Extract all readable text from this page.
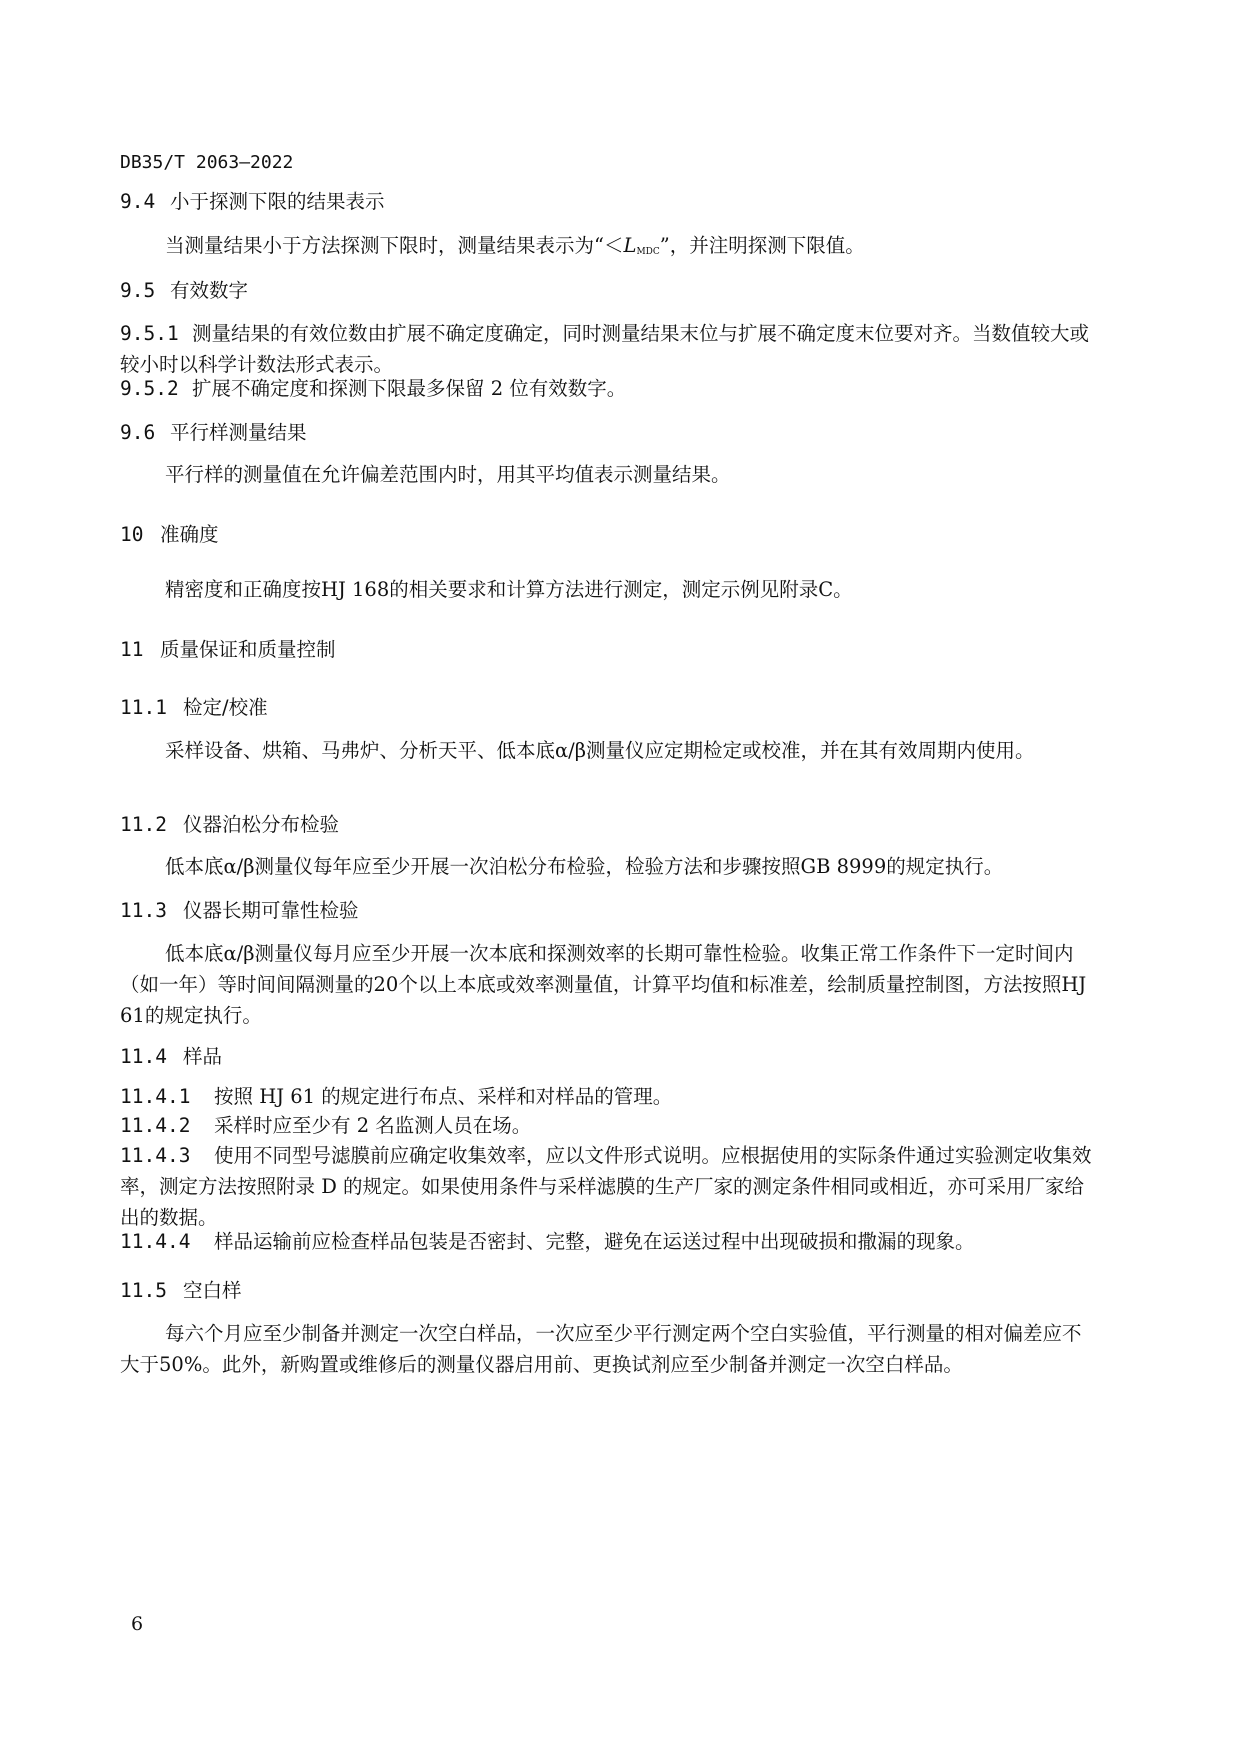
DB35/T 2063—2022
9.4 小于探测下限的结果表示
当测量结果小于方法探测下限时，测量结果表示为“$<L_{MDC}$”，并注明探测下限值。
9.5 有效数字
9.5.1 测量结果的有效位数由扩展不确定度确定，同时测量结果末位与扩展不确定度末位要对齐。当数值较大或较小时以科学计数法形式表示。
9.5.2 扩展不确定度和探测下限最多保留 2 位有效数字。
9.6 平行样测量结果
平行样的测量值在允许偏差范围内时，用其平均值表示测量结果。
10 准确度
精密度和正确度按HJ 168的相关要求和计算方法进行测定，测定示例见附录C。
11 质量保证和质量控制
11.1 检定/校准
采样设备、烘箱、马弗炉、分析天平、低本底α/β测量仪应定期检定或校准，并在其有效周期内使用。
11.2 仪器泊松分布检验
低本底α/β测量仪每年应至少开展一次泊松分布检验，检验方法和步骤按照GB 8999的规定执行。
11.3 仪器长期可靠性检验
低本底α/β测量仪每月应至少开展一次本底和探测效率的长期可靠性检验。收集正常工作条件下一定时间内（如一年）等时间间隔测量的20个以上本底或效率测量值，计算平均值和标准差，绘制质量控制图，方法按照HJ 61的规定执行。
11.4 样品
11.4.1 按照 HJ 61 的规定进行布点、采样和对样品的管理。
11.4.2 采样时应至少有 2 名监测人员在场。
11.4.3 使用不同型号滤膜前应确定收集效率，应以文件形式说明。应根据使用的实际条件通过实验测定收集效率，测定方法按照附录 D 的规定。如果使用条件与采样滤膜的生产厂家的测定条件相同或相近，亦可采用厂家给出的数据。
11.4.4 样品运输前应检查样品包装是否密封、完整，避免在运送过程中出现破损和撒漏的现象。
11.5 空白样
每六个月应至少制备并测定一次空白样品，一次应至少平行测定两个空白实验值，平行测量的相对偏差应不大于50%。此外，新购置或维修后的测量仪器启用前、更换试剂应至少制备并测定一次空白样品。
6
